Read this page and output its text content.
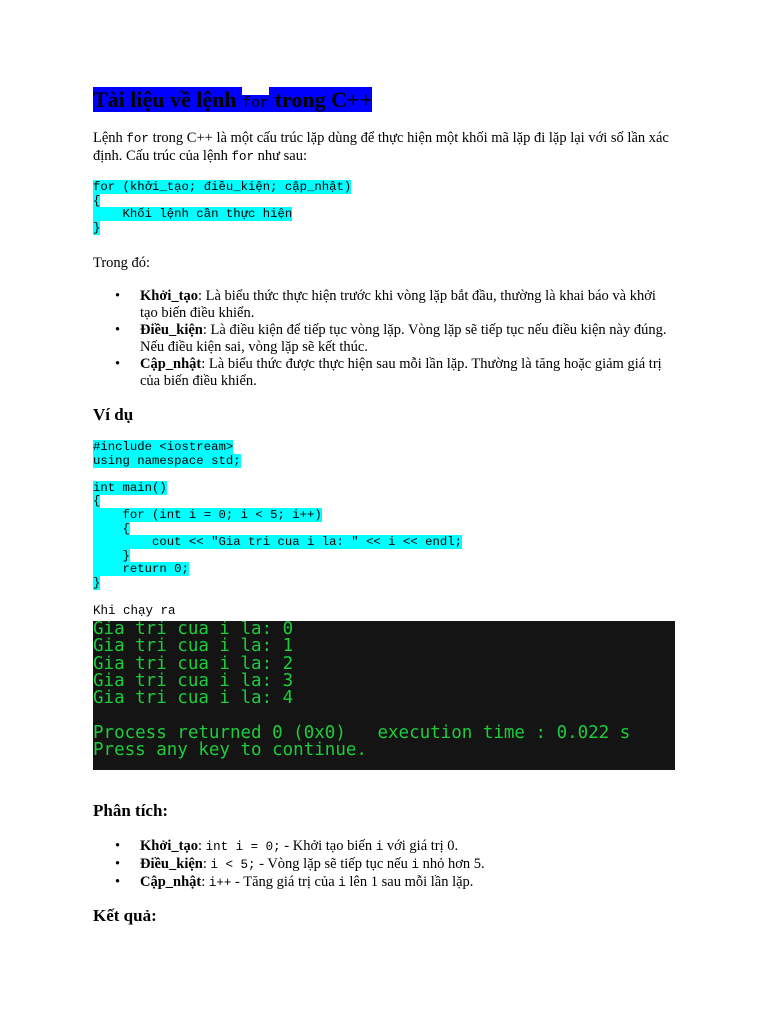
Tài liệu về lệnh for trong C++

Lệnh for trong C++ là một cấu trúc lặp dùng để thực hiện một khối mã lặp đi lặp lại với số lần xác định. Cấu trúc của lệnh for như sau:

for (khởi_tạo; điều_kiện; cập_nhật)
{
Khối lệnh cần thực hiện
}

Trong đó:

• Khởi_tạo: Là biểu thức thực hiện trước khi vòng lặp bắt đầu, thường là khai báo và khởi tạo biến điều khiển.
• Điều_kiện: Là điều kiện để tiếp tục vòng lặp. Vòng lặp sẽ tiếp tục nếu điều kiện này đúng. Nếu điều kiện sai, vòng lặp sẽ kết thúc.
• Cập_nhật: Là biểu thức được thực hiện sau mỗi lần lặp. Thường là tăng hoặc giảm giá trị của biến điều khiển.
Ví dụ
#include <iostream>
using namespace std;
int main()
{
for (int i = 0; i < 5; i++)
{
cout << "Gia tri cua i la: " << i << endl;
}
return 0;
}

Khi chạy ra

Gia tri cua i la: 0
Gia tri cua i la: 1
Gia tri cua i la: 2
Gia tri cua i la: 3
Gia tri cua i la: 4
Process returned 0 (0x0)   execution time : 0.022 s
Press any key to continue.
Phân tích:
• Khởi_tạo: int i = 0; - Khởi tạo biến i với giá trị 0.
• Điều_kiện: i < 5; - Vòng lặp sẽ tiếp tục nếu i nhỏ hơn 5.
• Cập_nhật: i++ - Tăng giá trị của i lên 1 sau mỗi lần lặp.
Kết quả:
